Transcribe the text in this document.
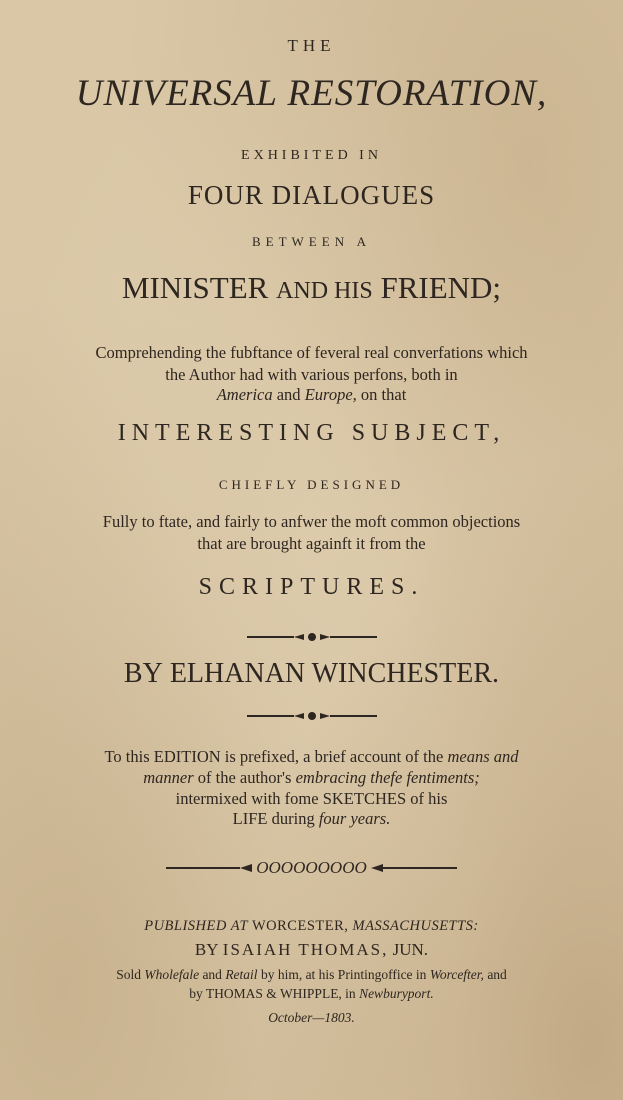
THE
UNIVERSAL RESTORATION,
EXHIBITED IN
FOUR DIALOGUES
BETWEEN A
MINISTER AND HIS FRIEND;
Comprehending the fubftance of feveral real converfations which
the Author had with various perfons, both in
America and Europe, on that
INTERESTING SUBJECT,
CHIEFLY DESIGNED
Fully to ftate, and fairly to anfwer the moft common objections
that are brought againft it from the
SCRIPTURES.
BY ELHANAN WINCHESTER.
To this EDITION is prefixed, a brief account of the means and
manner of the author's embracing thefe fentiments;
intermixed with fome SKETCHES of his
LIFE during four years.
OOOOOOOOO
PUBLISHED AT WORCESTER, MASSACHUSETTS:
BY ISAIAH THOMAS, JUN.
Sold Wholefale and Retail by him, at his Printingoffice in Worcefter, and
by THOMAS & WHIPPLE, in Newburyport.
October—1803.
